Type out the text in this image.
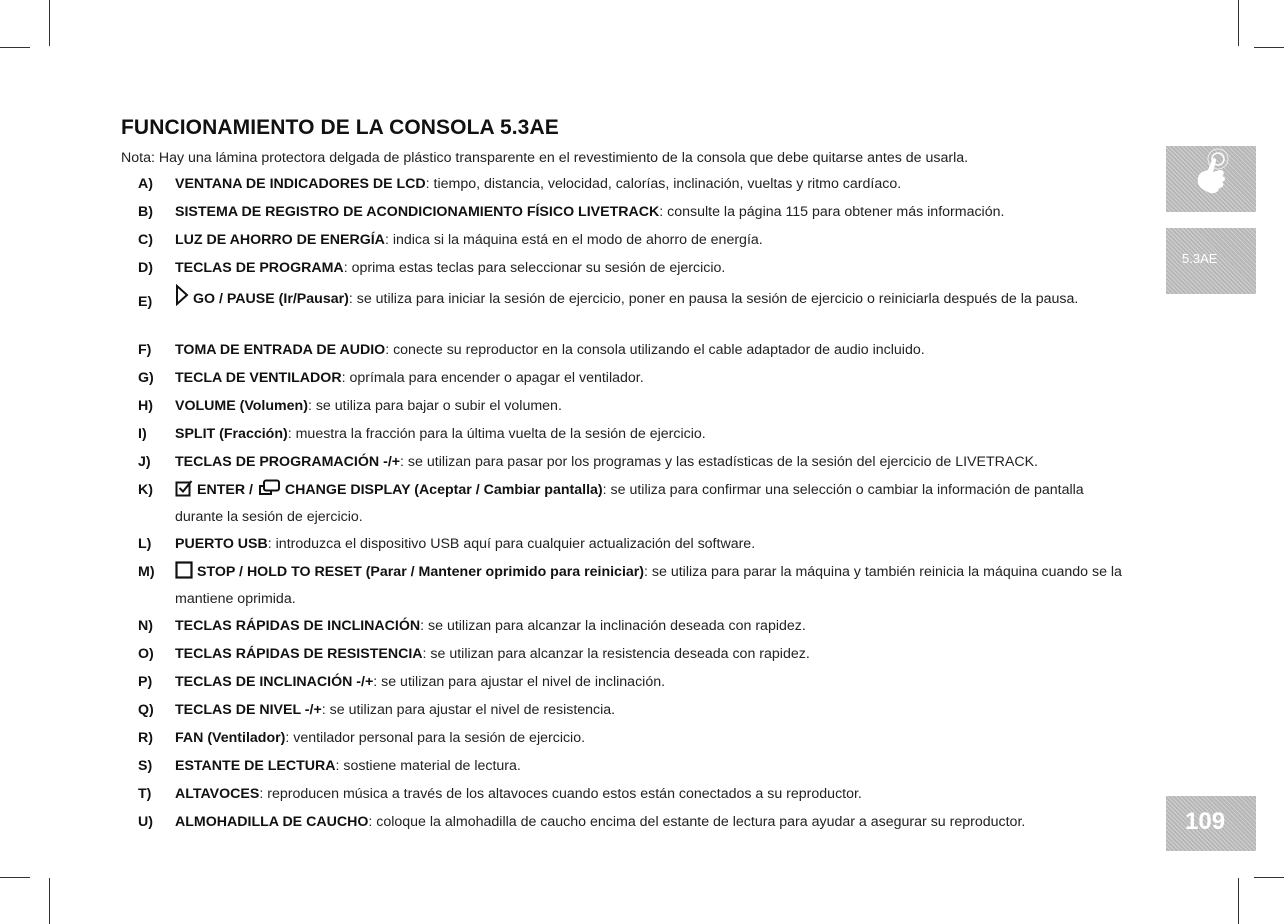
FUNCIONAMIENTO DE LA CONSOLA 5.3AE
Nota: Hay una lámina protectora delgada de plástico transparente en el revestimiento de la consola que debe quitarse antes de usarla.
A) VENTANA DE INDICADORES DE LCD: tiempo, distancia, velocidad, calorías, inclinación, vueltas y ritmo cardíaco.
B) SISTEMA DE REGISTRO DE ACONDICIONAMIENTO FÍSICO LIVETRACK: consulte la página 115 para obtener más información.
C) LUZ DE AHORRO DE ENERGÍA: indica si la máquina está en el modo de ahorro de energía.
D) TECLAS DE PROGRAMA: oprima estas teclas para seleccionar su sesión de ejercicio.
E)	GO / PAUSE (Ir/Pausar): se utiliza para iniciar la sesión de ejercicio, poner en pausa la sesión de ejercicio o reiniciarla después de la pausa.
F) TOMA DE ENTRADA DE AUDIO: conecte su reproductor en la consola utilizando el cable adaptador de audio incluido.
G) TECLA DE VENTILADOR: oprímala para encender o apagar el ventilador.
H) VOLUME (Volumen): se utiliza para bajar o subir el volumen.
I) SPLIT (Fracción): muestra la fracción para la última vuelta de la sesión de ejercicio.
J) TECLAS DE PROGRAMACIÓN -/+: se utilizan para pasar por los programas y las estadísticas de la sesión del ejercicio de LIVETRACK.
K)	ENTER / CHANGE DISPLAY (Aceptar / Cambiar pantalla): se utiliza para confirmar una selección o cambiar la información de pantalla durante la sesión de ejercicio.
L) PUERTO USB: introduzca el dispositivo USB aquí para cualquier actualización del software.
M)	STOP / HOLD TO RESET (Parar / Mantener oprimido para reiniciar): se utiliza para parar la máquina y también reinicia la máquina cuando se la mantiene oprimida.
N) TECLAS RÁPIDAS DE INCLINACIÓN: se utilizan para alcanzar la inclinación deseada con rapidez.
O) TECLAS RÁPIDAS DE RESISTENCIA: se utilizan para alcanzar la resistencia deseada con rapidez.
P) TECLAS DE INCLINACIÓN -/+: se utilizan para ajustar el nivel de inclinación.
Q) TECLAS DE NIVEL -/+: se utilizan para ajustar el nivel de resistencia.
R) FAN (Ventilador): ventilador personal para la sesión de ejercicio.
S) ESTANTE DE LECTURA: sostiene material de lectura.
T) ALTAVOCES: reproducen música a través de los altavoces cuando estos están conectados a su reproductor.
U) ALMOHADILLA DE CAUCHO: coloque la almohadilla de caucho encima del estante de lectura para ayudar a asegurar su reproductor.
5.3AE
109
